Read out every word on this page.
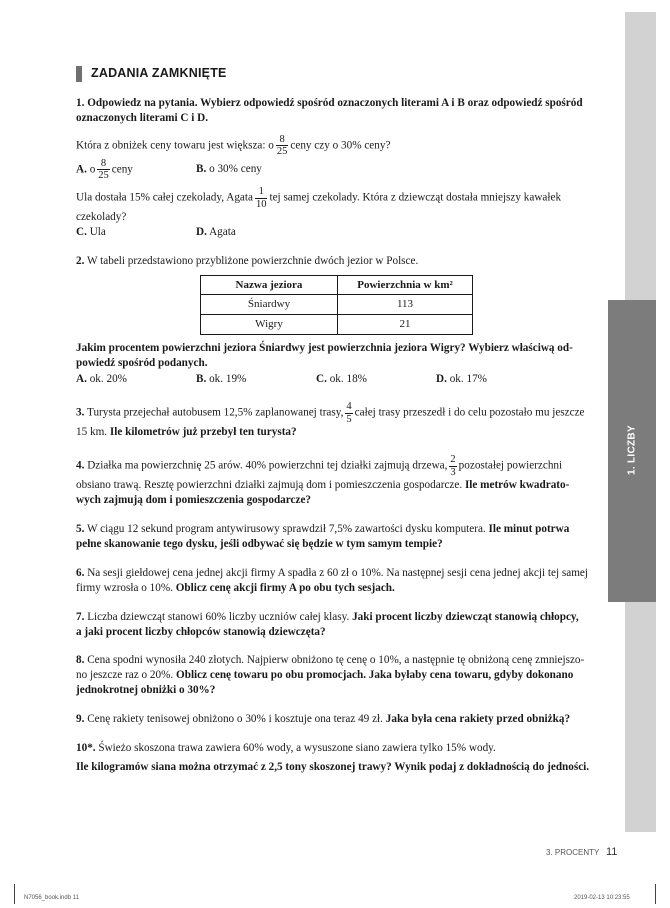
1. LICZBY
ZADANIA ZAMKNIĘTE

1. Odpowiedz na pytania. Wybierz odpowiedź spośród oznaczonych literami A i B oraz odpowiedź spośród
oznaczonych literami C i D.

Która z obniżek ceny towaru jest większa: o $\frac{8}{25}$ ceny czy o 30% ceny?

A. o $\frac{8}{25}$ ceny	B. o 30% ceny

Ula dostała 15% całej czekolady, Agata $\frac{1}{10}$ tej samej czekolady. Która z dziewcząt dostała mniejszy kawałek
czekolady?

C. Ula	D. Agata

2. W tabeli przedstawiono przybliżone powierzchnie dwóch jezior w Polsce.

Nazwa jeziora	Powierzchnia w km²
Śniardwy	113
Wigry	21

Jakim procentem powierzchni jeziora Śniardwy jest powierzchnia jeziora Wigry? Wybierz właściwą od-
powiedź spośród podanych.

A. ok. 20%	B. ok. 19%	C. ok. 18%	D. ok. 17%

3. Turysta przejechał autobusem 12,5% zaplanowanej trasy, $\frac{4}{5}$ całej trasy przeszedł i do celu pozostało mu jeszcze
15 km. Ile kilometrów już przebył ten turysta?

4. Działka ma powierzchnię 25 arów. 40% powierzchni tej działki zajmują drzewa, $\frac{2}{3}$ pozostałej powierzchni
obsiano trawą. Resztę powierzchni działki zajmują dom i pomieszczenia gospodarcze. Ile metrów kwadrato-
wych zajmują dom i pomieszczenia gospodarcze?

5. W ciągu 12 sekund program antywirusowy sprawdził 7,5% zawartości dysku komputera. Ile minut potrwa
pełne skanowanie tego dysku, jeśli odbywać się będzie w tym samym tempie?

6. Na sesji giełdowej cena jednej akcji firmy A spadła z 60 zł o 10%. Na następnej sesji cena jednej akcji tej samej
firmy wzrosła o 10%. Oblicz cenę akcji firmy A po obu tych sesjach.

7. Liczba dziewcząt stanowi 60% liczby uczniów całej klasy. Jaki procent liczby dziewcząt stanowią chłopcy,
a jaki procent liczby chłopców stanowią dziewczęta?

8. Cena spodni wynosiła 240 złotych. Najpierw obniżono tę cenę o 10%, a następnie tę obniżoną cenę zmniejszo-
no jeszcze raz o 20%. Oblicz cenę towaru po obu promocjach. Jaka byłaby cena towaru, gdyby dokonano
jednokrotnej obniżki o 30%?

9. Cenę rakiety tenisowej obniżono o 30% i kosztuje ona teraz 49 zł. Jaka była cena rakiety przed obniżką?

10*. Świeżo skoszona trawa zawiera 60% wody, a wysuszone siano zawiera tylko 15% wody.
Ile kilogramów siana można otrzymać z 2,5 tony skoszonej trawy? Wynik podaj z dokładnością do jedności.

3. PROCENTY 11
N7056_book.indb 11	2019-02-13 10:23:55
